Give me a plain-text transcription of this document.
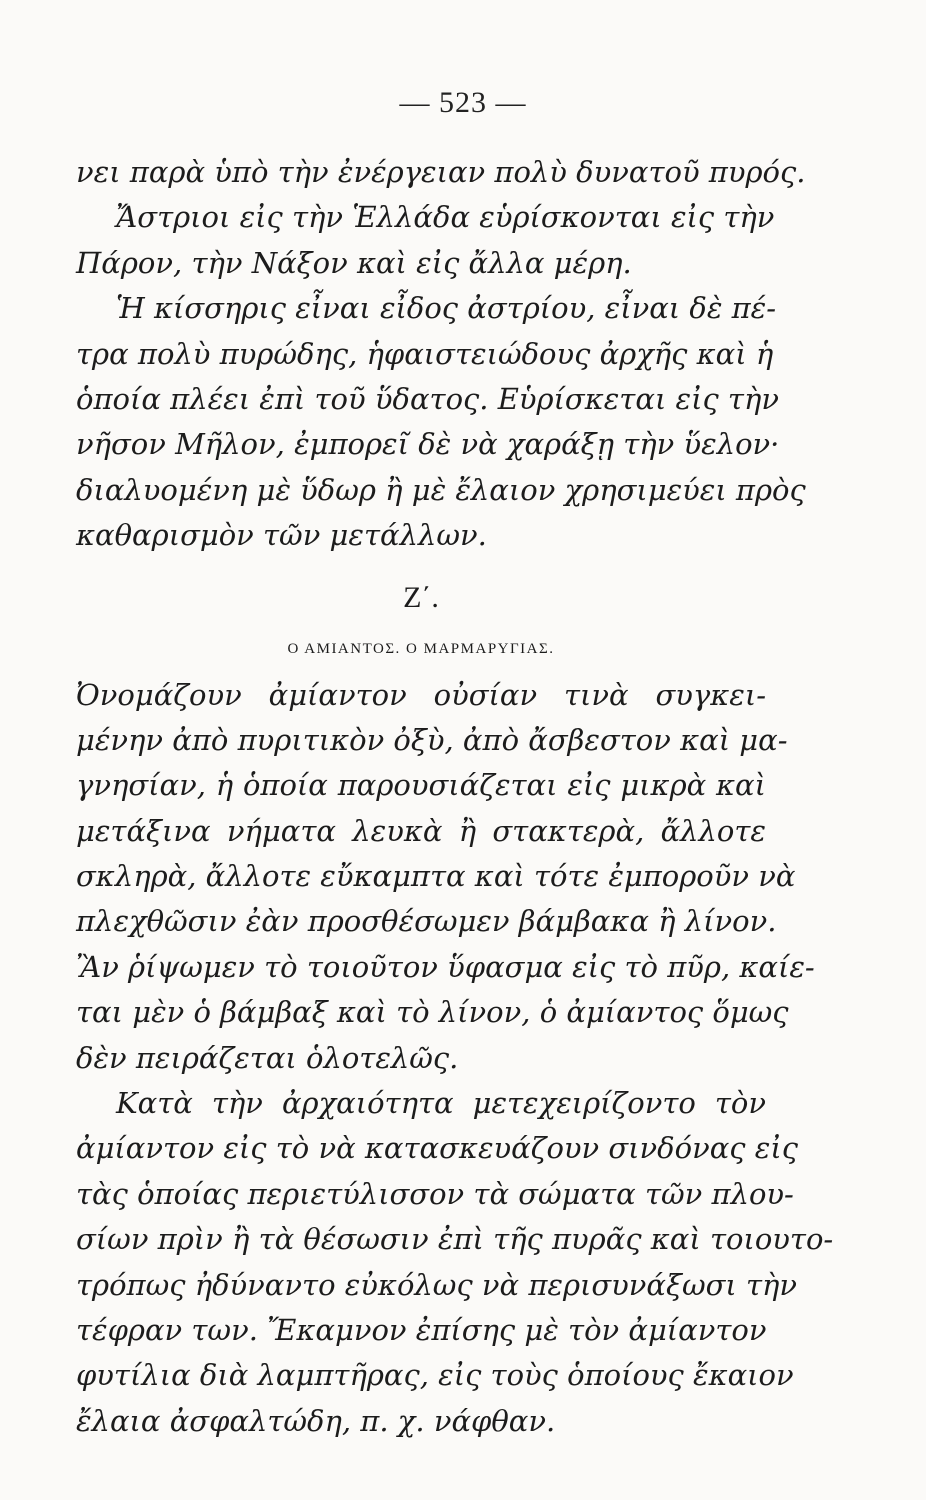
— 523 —
νει παρὰ ὑπὸ τὴν ἐνέργειαν πολὺ δυνατοῦ πυρός.
Ἄστριοι εἰς τὴν Ἑλλάδα εὑρίσκονται εἰς τὴν
Πάρον, τὴν Νάξον καὶ εἰς ἄλλα μέρη.
Ἡ κίσσηρις εἶναι εἶδος ἀστρίου, εἶναι δὲ πέ-
τρα πολὺ πυρώδης, ἡφαιστειώδους ἀρχῆς καὶ ἡ
ὁποία πλέει ἐπὶ τοῦ ὕδατος. Εὑρίσκεται εἰς τὴν
νῆσον Μῆλον, ἐμπορεῖ δὲ νὰ χαράξῃ τὴν ὕελον·
διαλυομένη μὲ ὕδωρ ἢ μὲ ἔλαιον χρησιμεύει πρὸς
καθαρισμὸν τῶν μετάλλων.
Ζ΄.
Ο ΑΜΙΑΝΤΟΣ. Ο ΜΑΡΜΑΡΥΓΙΑΣ.
Ὀνομάζουν ἀμίαντον οὐσίαν τινὰ συγκει-
μένην ἀπὸ πυριτικὸν ὀξὺ, ἀπὸ ἄσβεστον καὶ μα-
γνησίαν, ἡ ὁποία παρουσιάζεται εἰς μικρὰ καὶ
μετάξινα νήματα λευκὰ ἢ στακτερὰ, ἄλλοτε
σκληρὰ, ἄλλοτε εὔκαμπτα καὶ τότε ἐμποροῦν νὰ
πλεχθῶσιν ἐὰν προσθέσωμεν βάμβακα ἢ λίνον.
Ἂν ῥίψωμεν τὸ τοιοῦτον ὕφασμα εἰς τὸ πῦρ, καίε-
ται μὲν ὁ βάμβαξ καὶ τὸ λίνον, ὁ ἀμίαντος ὅμως
δὲν πειράζεται ὁλοτελῶς.
Κατὰ τὴν ἀρχαιότητα μετεχειρίζοντο τὸν
ἀμίαντον εἰς τὸ νὰ κατασκευάζουν σινδόνας εἰς
τὰς ὁποίας περιετύλισσον τὰ σώματα τῶν πλου-
σίων πρὶν ἢ τὰ θέσωσιν ἐπὶ τῆς πυρᾶς καὶ τοιουτο-
τρόπως ἠδύναντο εὐκόλως νὰ περισυνάξωσι τὴν
τέφραν των. Ἔκαμνον ἐπίσης μὲ τὸν ἀμίαντον
φυτίλια διὰ λαμπτῆρας, εἰς τοὺς ὁποίους ἔκαιον
ἔλαια ἀσφαλτώδη, π. χ. νάφθαν.
